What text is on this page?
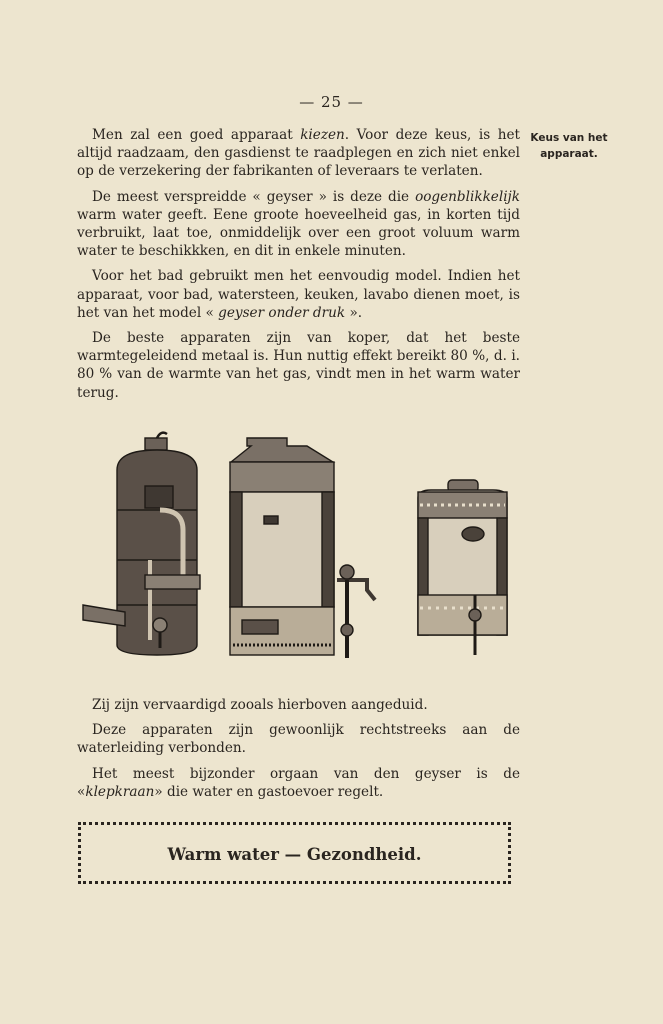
— 25 —
Keus van het
apparaat.

Men zal een goed apparaat kiezen. Voor deze keus, is het altijd raadzaam, den gasdienst te raadplegen en zich niet enkel op de verzekering der fabrikanten of leveraars te verlaten.

De meest verspreidde « geyser » is deze die oogenblikkelijk warm water geeft. Eene groote hoeveelheid gas, in korten tijd verbruikt, laat toe, onmiddelijk over een groot voluum warm water te beschikkken, en dit in enkele minuten.

Voor het bad gebruikt men het eenvoudig model. Indien het apparaat, voor bad, watersteen, keuken, lavabo dienen moet, is het van het model « geyser onder druk ».

De beste apparaten zijn van koper, dat het beste warmtegeleidend metaal is. Hun nuttig effekt bereikt 80 %, d. i. 80 % van de warmte van het gas, vindt men in het warm water terug.

Zij zijn vervaardigd zooals hierboven aangeduid.

Deze apparaten zijn gewoonlijk rechtstreeks aan de waterleiding verbonden.

Het meest bijzonder orgaan van den geyser is de «klepkraan» die water en gastoevoer regelt.

Warm water — Gezondheid.
